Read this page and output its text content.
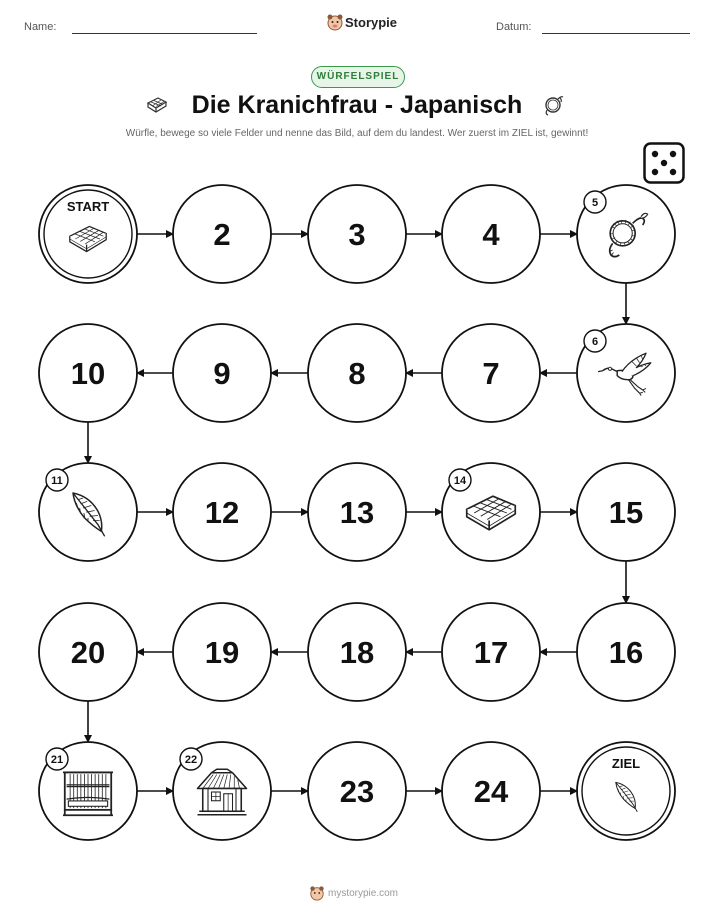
Name:	Storypie	Datum:
WÜRFELSPIEL
Die Kranichfrau - Japanisch
Würfle, bewege so viele Felder und nenne das Bild, auf dem du landest. Wer zuerst im ZIEL ist, gewinnt!
START
2	3	4
5
6
7
8
9
10
11
12	13
14
15
16
17
18
19
20
21	22
23	24
ZIEL
mystorypie.com
